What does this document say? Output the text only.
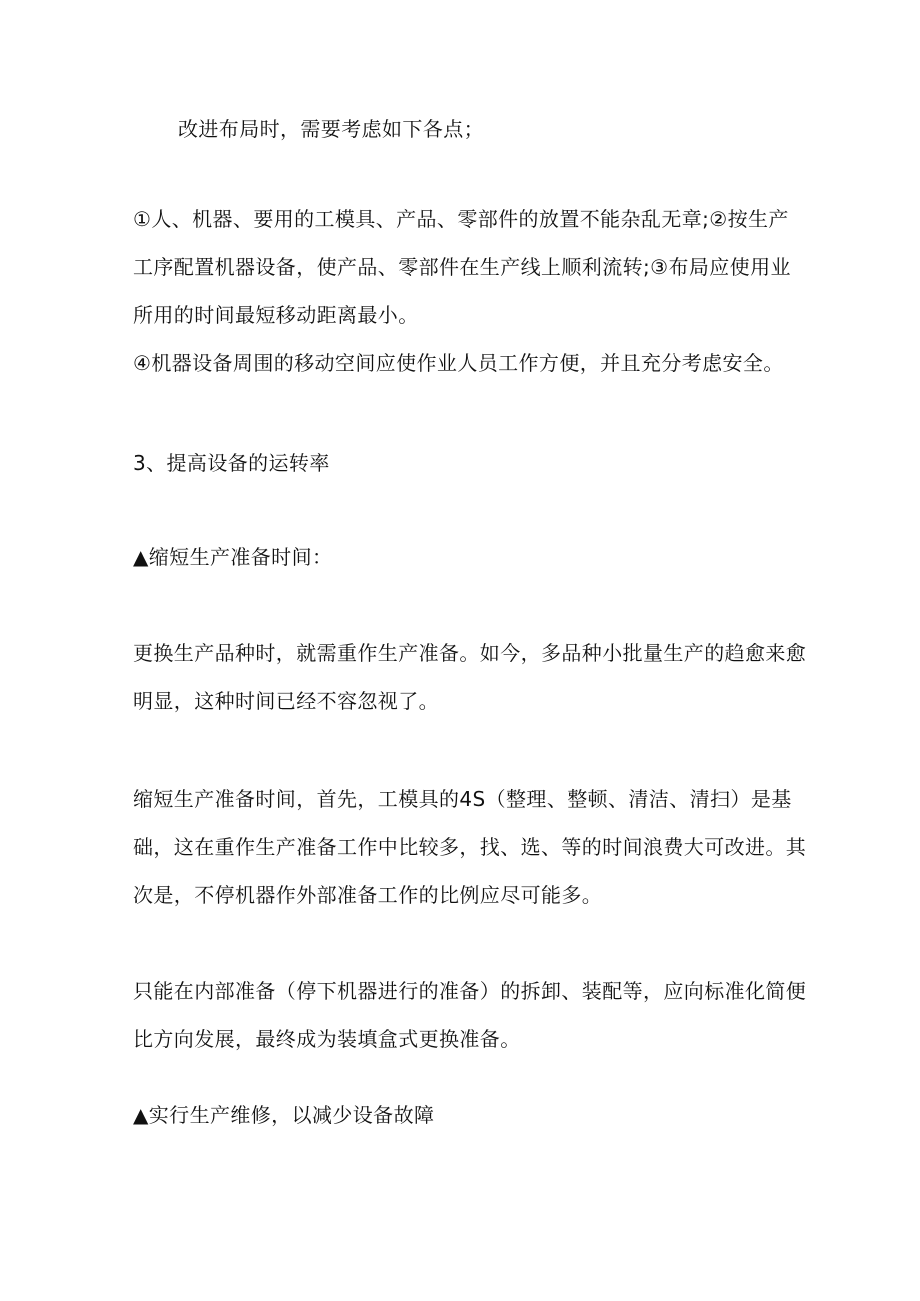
改进布局时，需要考虑如下各点；
①人、机器、要用的工模具、产品、零部件的放置不能杂乱无章;②按生产
工序配置机器设备，使产品、零部件在生产线上顺利流转;③布局应使用业
所用的时间最短移动距离最小。
④机器设备周围的移动空间应使作业人员工作方便，并且充分考虑安全。
3、提高设备的运转率
▲缩短生产准备时间：
更换生产品种时，就需重作生产准备。如今，多品种小批量生产的趋愈来愈
明显，这种时间已经不容忽视了。
缩短生产准备时间，首先，工模具的4S（整理、整顿、清洁、清扫）是基
础，这在重作生产准备工作中比较多，找、选、等的时间浪费大可改进。其
次是，不停机器作外部准备工作的比例应尽可能多。
只能在内部准备（停下机器进行的准备）的拆卸、装配等，应向标准化简便
比方向发展，最终成为装填盒式更换准备。
▲实行生产维修，以减少设备故障
